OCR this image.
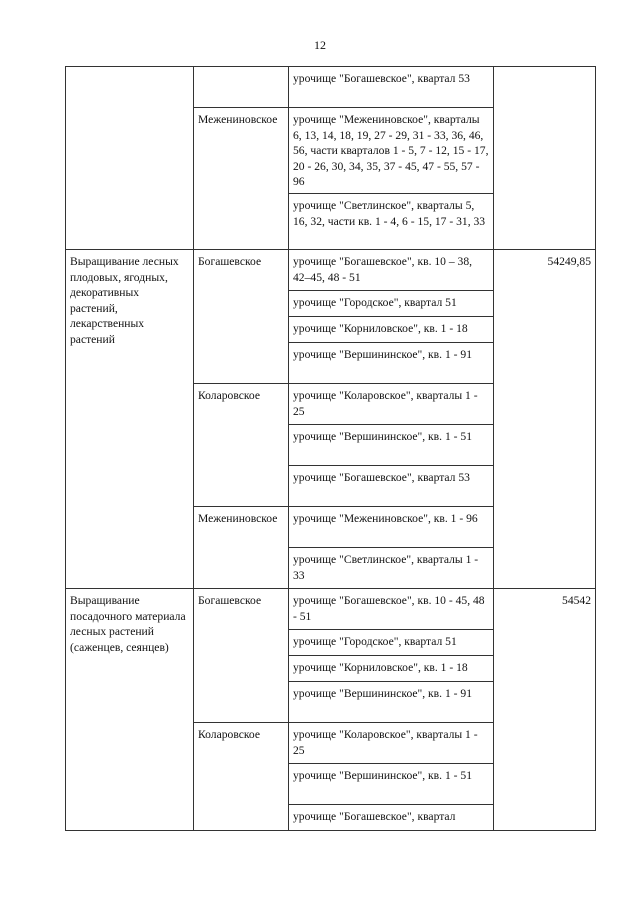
12
		урочище "Богашевское", квартал 53	
	Межениновское	урочище "Межениновское", кварталы 6, 13, 14, 18, 19, 27 - 29, 31 - 33, 36, 46, 56, части кварталов 1 - 5, 7 - 12, 15 - 17, 20 - 26, 30, 34, 35, 37 - 45, 47 - 55, 57 - 96	
		урочище "Светлинское", кварталы 5, 16, 32, части кв. 1 - 4, 6 - 15, 17 - 31, 33	
Выращивание лесных плодовых, ягодных, декоративных растений, лекарственных растений	Богашевское	урочище "Богашевское", кв. 10 – 38, 42–45, 48 - 51	54249,85
		урочище "Городское", квартал 51	
		урочище "Корниловское", кв. 1 - 18	
		урочище "Вершининское", кв. 1 - 91	
	Коларовское	урочище "Коларовское", кварталы 1 - 25	
		урочище "Вершининское", кв. 1 - 51	
		урочище "Богашевское", квартал 53	
	Межениновское	урочище "Межениновское", кв. 1 - 96	
		урочище "Светлинское", кварталы 1 - 33	
Выращивание посадочного материала лесных растений (саженцев, сеянцев)	Богашевское	урочище "Богашевское", кв. 10 - 45, 48 - 51	54542
		урочище "Городское", квартал 51	
		урочище "Корниловское", кв. 1 - 18	
		урочище "Вершининское", кв. 1 - 91	
	Коларовское	урочище "Коларовское", кварталы 1 - 25	
		урочище "Вершининское", кв. 1 - 51	
		урочище "Богашевское", квартал	
